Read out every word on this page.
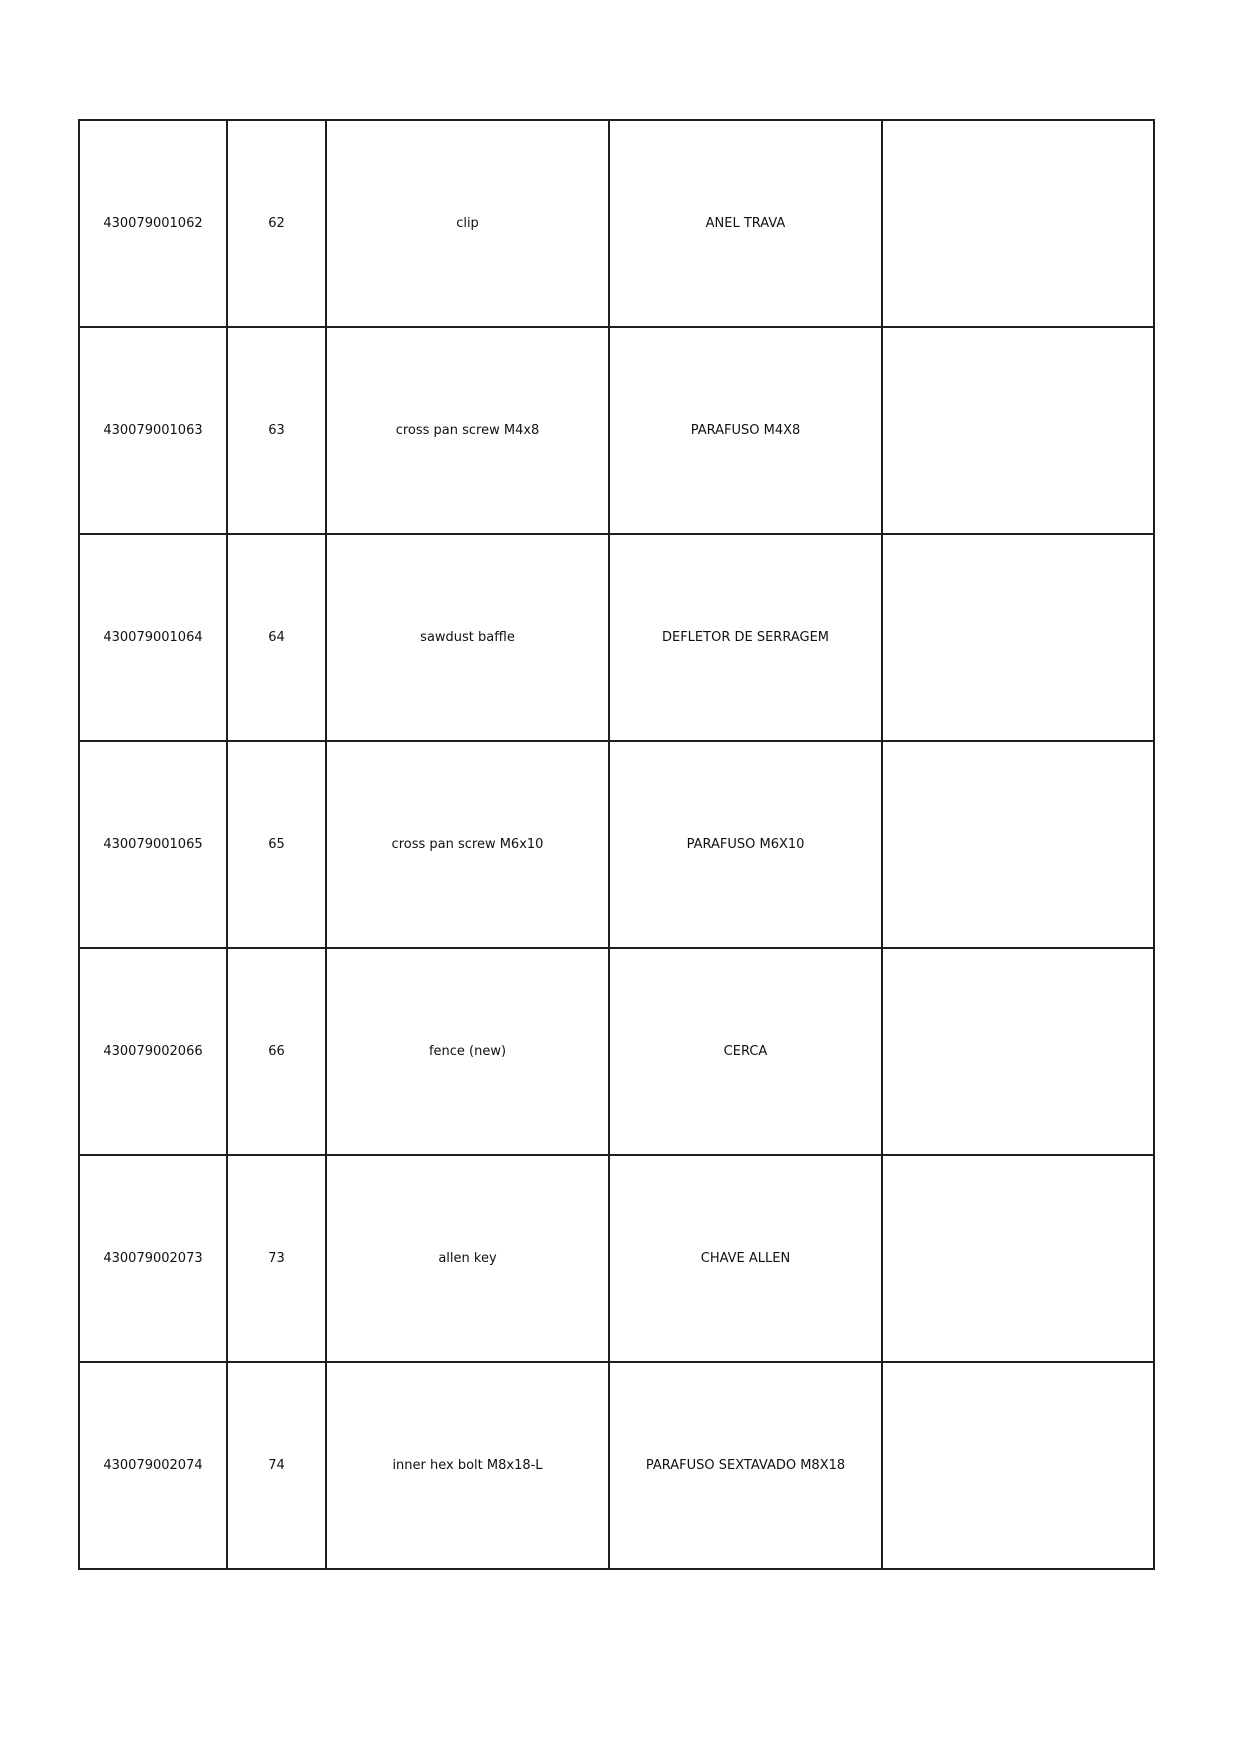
430079001062	62	clip	ANEL TRAVA	
430079001063	63	cross pan screw M4x8	PARAFUSO M4X8	
430079001064	64	sawdust baffle	DEFLETOR DE SERRAGEM	
430079001065	65	cross pan screw M6x10	PARAFUSO M6X10	
430079002066	66	fence (new)	CERCA	
430079002073	73	allen key	CHAVE ALLEN	
430079002074	74	inner hex bolt M8x18-L	PARAFUSO SEXTAVADO M8X18	
